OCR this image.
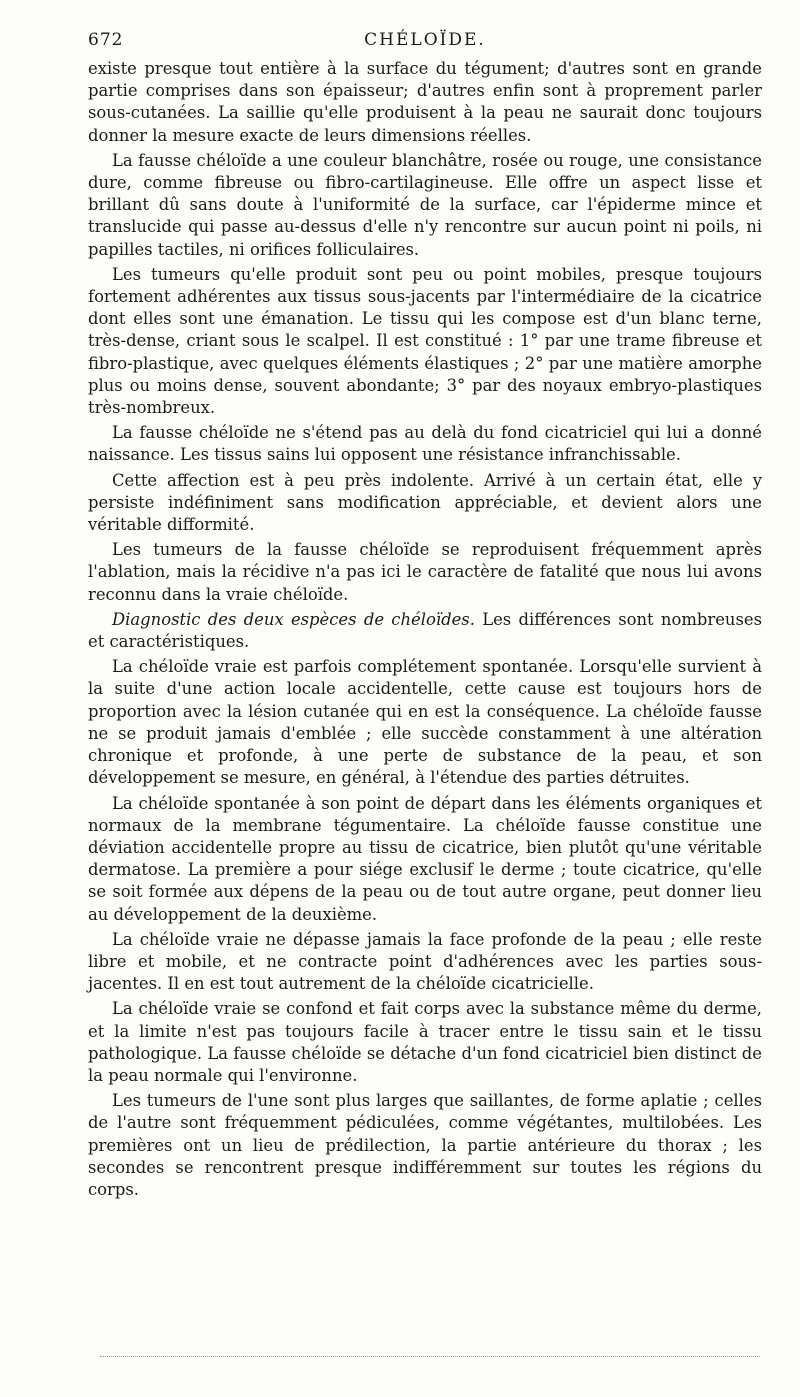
672	CHÉLOÏDE.

existe presque tout entière à la surface du tégument; d'autres sont en grande partie comprises dans son épaisseur; d'autres enfin sont à proprement parler sous-cutanées. La saillie qu'elle produisent à la peau ne saurait donc toujours donner la mesure exacte de leurs dimensions réelles.

La fausse chéloïde a une couleur blanchâtre, rosée ou rouge, une consistance dure, comme fibreuse ou fibro-cartilagineuse. Elle offre un aspect lisse et brillant dû sans doute à l'uniformité de la surface, car l'épiderme mince et translucide qui passe au-dessus d'elle n'y rencontre sur aucun point ni poils, ni papilles tactiles, ni orifices folliculaires.

Les tumeurs qu'elle produit sont peu ou point mobiles, presque toujours fortement adhérentes aux tissus sous-jacents par l'intermédiaire de la cicatrice dont elles sont une émanation. Le tissu qui les compose est d'un blanc terne, très-dense, criant sous le scalpel. Il est constitué : 1° par une trame fibreuse et fibro-plastique, avec quelques éléments élastiques ; 2° par une matière amorphe plus ou moins dense, souvent abondante; 3° par des noyaux embryo-plastiques très-nombreux.

La fausse chéloïde ne s'étend pas au delà du fond cicatriciel qui lui a donné naissance. Les tissus sains lui opposent une résistance infranchissable.

Cette affection est à peu près indolente. Arrivé à un certain état, elle y persiste indéfiniment sans modification appréciable, et devient alors une véritable difformité.

Les tumeurs de la fausse chéloïde se reproduisent fréquemment après l'ablation, mais la récidive n'a pas ici le caractère de fatalité que nous lui avons reconnu dans la vraie chéloïde.

Diagnostic des deux espèces de chéloïdes. Les différences sont nombreuses et caractéristiques.

La chéloïde vraie est parfois complétement spontanée. Lorsqu'elle survient à la suite d'une action locale accidentelle, cette cause est toujours hors de proportion avec la lésion cutanée qui en est la conséquence. La chéloïde fausse ne se produit jamais d'emblée ; elle succède constamment à une altération chronique et profonde, à une perte de substance de la peau, et son développement se mesure, en général, à l'étendue des parties détruites.

La chéloïde spontanée à son point de départ dans les éléments organiques et normaux de la membrane tégumentaire. La chéloïde fausse constitue une déviation accidentelle propre au tissu de cicatrice, bien plutôt qu'une véritable dermatose. La première a pour siége exclusif le derme ; toute cicatrice, qu'elle se soit formée aux dépens de la peau ou de tout autre organe, peut donner lieu au développement de la deuxième.

La chéloïde vraie ne dépasse jamais la face profonde de la peau ; elle reste libre et mobile, et ne contracte point d'adhérences avec les parties sous-jacentes. Il en est tout autrement de la chéloïde cicatricielle.

La chéloïde vraie se confond et fait corps avec la substance même du derme, et la limite n'est pas toujours facile à tracer entre le tissu sain et le tissu pathologique. La fausse chéloïde se détache d'un fond cicatriciel bien distinct de la peau normale qui l'environne.

Les tumeurs de l'une sont plus larges que saillantes, de forme aplatie ; celles de l'autre sont fréquemment pédiculées, comme végétantes, multilobées. Les premières ont un lieu de prédilection, la partie antérieure du thorax ; les secondes se rencontrent presque indifféremment sur toutes les régions du corps.
